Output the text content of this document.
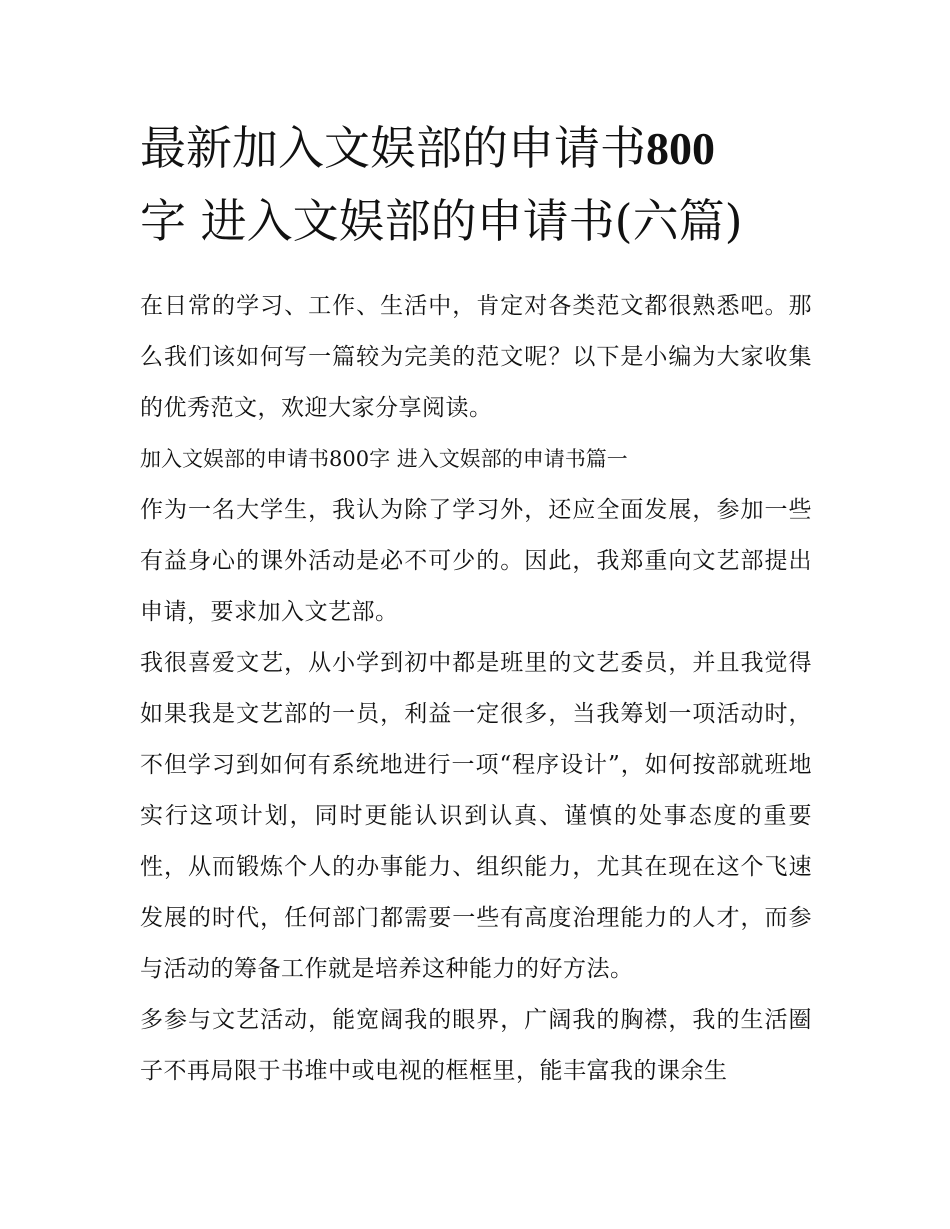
最新加入文娱部的申请书800
字 进入文娱部的申请书(六篇)

在日常的学习、工作、生活中，肯定对各类范文都很熟悉吧。那么我们该如何写一篇较为完美的范文呢？以下是小编为大家收集的优秀范文，欢迎大家分享阅读。

加入文娱部的申请书800字 进入文娱部的申请书篇一

作为一名大学生，我认为除了学习外，还应全面发展，参加一些有益身心的课外活动是必不可少的。因此，我郑重向文艺部提出申请，要求加入文艺部。

我很喜爱文艺，从小学到初中都是班里的文艺委员，并且我觉得如果我是文艺部的一员，利益一定很多，当我筹划一项活动时，不但学习到如何有系统地进行一项“程序设计”，如何按部就班地实行这项计划，同时更能认识到认真、谨慎的处事态度的重要性，从而锻炼个人的办事能力、组织能力，尤其在现在这个飞速发展的时代，任何部门都需要一些有高度治理能力的人才，而参与活动的筹备工作就是培养这种能力的好方法。

多参与文艺活动，能宽阔我的眼界，广阔我的胸襟，我的生活圈子不再局限于书堆中或电视的框框里，能丰富我的课余生
